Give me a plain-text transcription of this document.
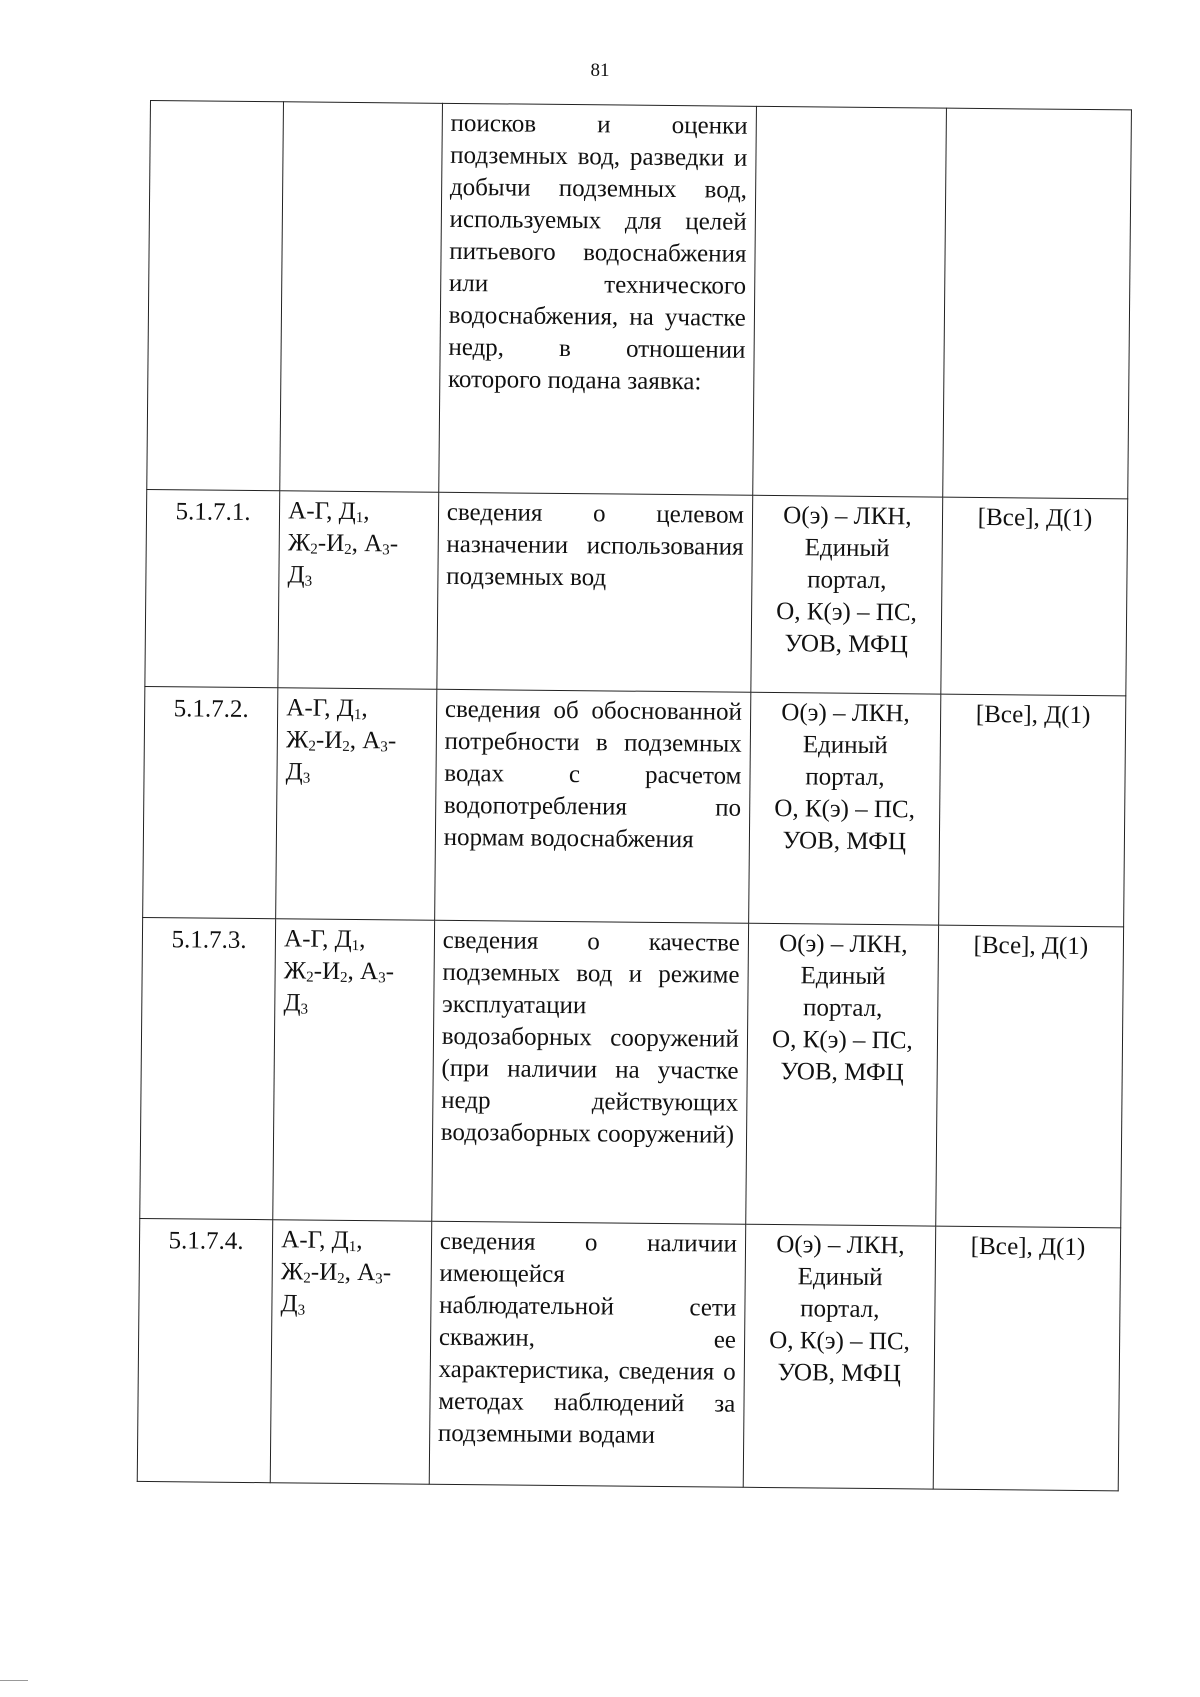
81
		поисков и оценки подземных вод, разведки и добычи подземных вод, используемых для целей питьевого водоснабжения или технического водоснабжения, на участке недр, в отношении которого подана заявка:		
5.1.7.1.	А-Г, $Д_1$,
$Ж_2-И_2$, $А_3-$
$Д_3$	сведения о целевом назначении использования подземных вод	О(э) – ЛКН,
Единый
портал,
О, К(э) – ПС,
УОВ, МФЦ	[Все], Д(1)
5.1.7.2.	А-Г, $Д_1$,
$Ж_2-И_2$, $А_3-$
$Д_3$	сведения об обоснованной потребности в подземных водах с расчетом водопотребления по нормам водоснабжения	О(э) – ЛКН,
Единый
портал,
О, К(э) – ПС,
УОВ, МФЦ	[Все], Д(1)
5.1.7.3.	А-Г, $Д_1$,
$Ж_2-И_2$, $А_3-$
$Д_3$	сведения о качестве подземных вод и режиме эксплуатации водозаборных сооружений (при наличии на участке недр действующих водозаборных сооружений)	О(э) – ЛКН,
Единый
портал,
О, К(э) – ПС,
УОВ, МФЦ	[Все], Д(1)
5.1.7.4.	А-Г, $Д_1$,
$Ж_2-И_2$, $А_3-$
$Д_3$	сведения о наличии имеющейся наблюдательной сети скважин, ее характеристика, сведения о методах наблюдений за подземными водами	О(э) – ЛКН,
Единый
портал,
О, К(э) – ПС,
УОВ, МФЦ	[Все], Д(1)
